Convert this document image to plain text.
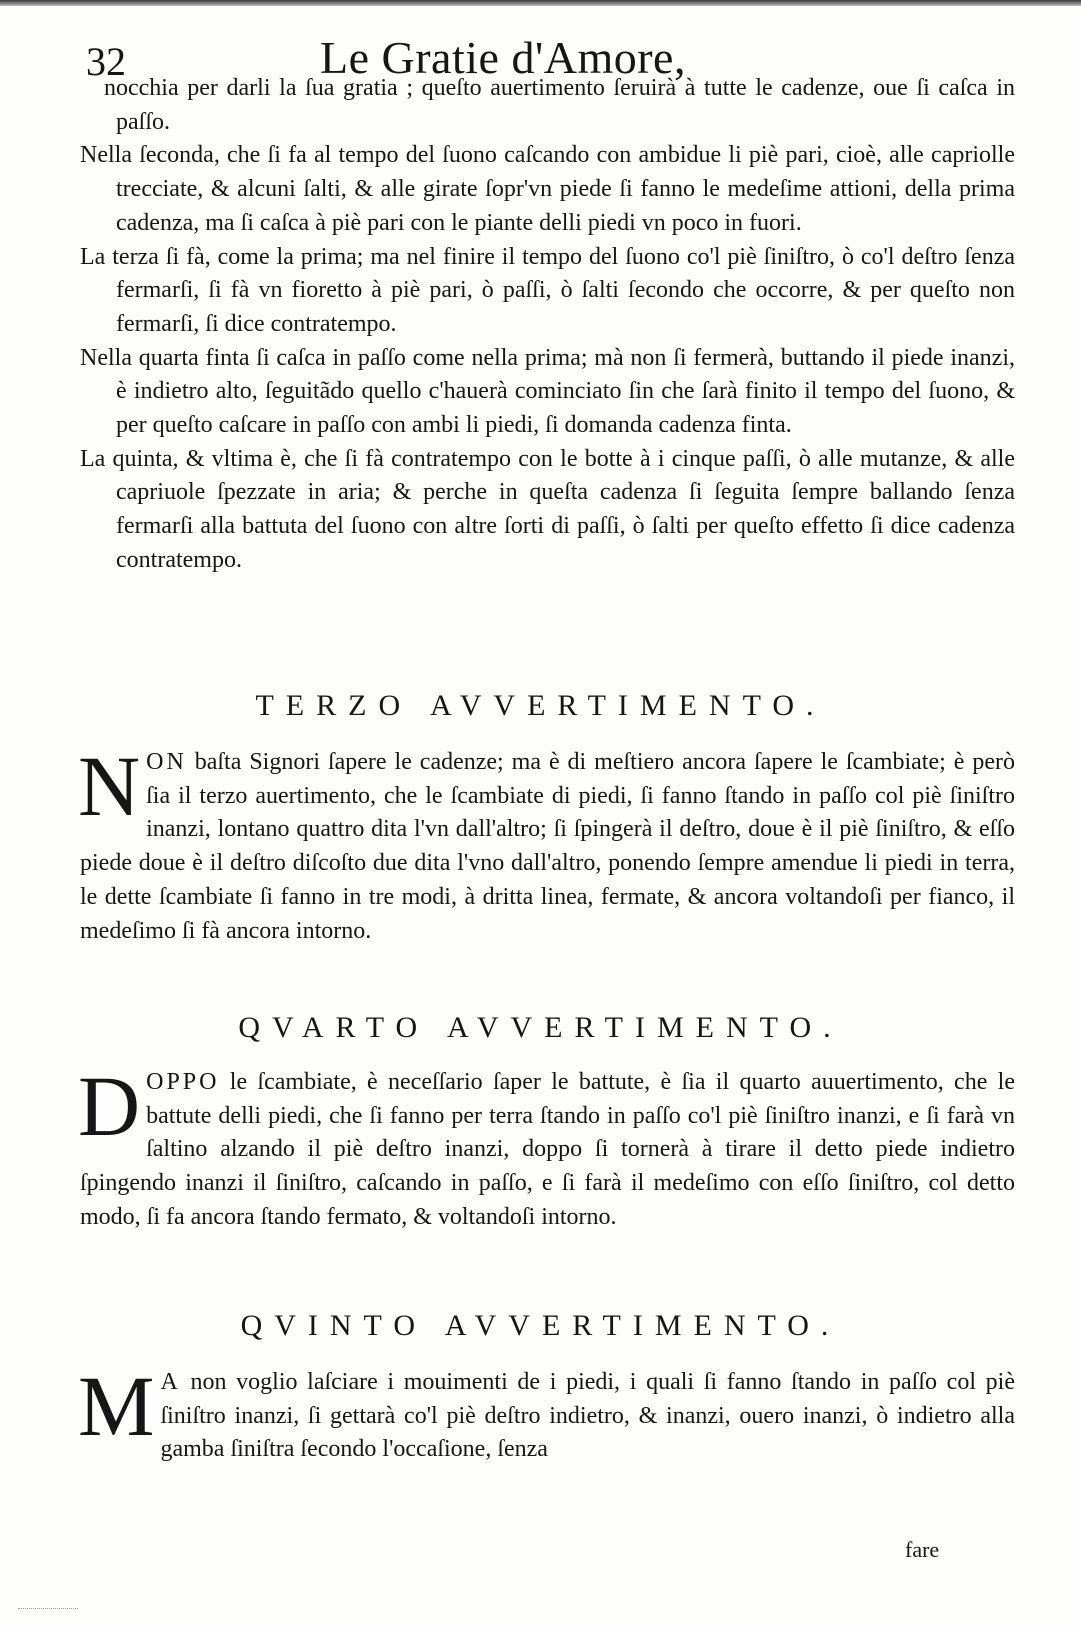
32	Le Gratie d'Amore,

nocchia per darli la ſua gratia ; queſto auertimento ſeruirà à tutte le cadenze, oue ſi caſca in paſſo.

Nella ſeconda, che ſi fa al tempo del ſuono caſcando con ambidue li piè pari, cioè, alle capriolle trecciate, & alcuni ſalti, & alle girate ſopr'vn piede ſi fanno le medeſime attioni, della prima cadenza, ma ſi caſca à piè pari con le piante delli piedi vn poco in fuori.

La terza ſi fà, come la prima; ma nel finire il tempo del ſuono co'l piè ſiniſtro, ò co'l deſtro ſenza fermarſi, ſi fà vn fioretto à piè pari, ò paſſi, ò ſalti ſecondo che occorre, & per queſto non fermarſi, ſi dice contratempo.

Nella quarta finta ſi caſca in paſſo come nella prima; mà non ſi fermerà, buttando il piede inanzi, è indietro alto, ſeguitãdo quello c'hauerà cominciato ſin che ſarà finito il tempo del ſuono, & per queſto caſcare in paſſo con ambi li piedi, ſi domanda cadenza finta.

La quinta, & vltima è, che ſi fà contratempo con le botte à i cinque paſſi, ò alle mutanze, & alle capriuole ſpezzate in aria; & perche in queſta cadenza ſi ſeguita ſempre ballando ſenza fermarſi alla battuta del ſuono con altre ſorti di paſſi, ò ſalti per queſto effetto ſi dice cadenza contratempo.

TERZO AVVERTIMENTO.
N ON baſta Signori ſapere le cadenze; ma è di meſtiero ancora ſapere le ſcambiate; è però ſia il terzo auertimento, che le ſcambiate di piedi, ſi fanno ſtando in paſſo col piè ſiniſtro inanzi, lontano quattro dita l'vn dall'altro; ſi ſpingerà il deſtro, doue è il piè ſiniſtro, & eſſo piede doue è il deſtro diſcoſto due dita l'vno dall'altro, ponendo ſempre amendue li piedi in terra, le dette ſcambiate ſi fanno in tre modi, à dritta linea, fermate, & ancora voltandoſi per fianco, il medeſimo ſi fà ancora intorno.

QVARTO AVVERTIMENTO.
D OPPO le ſcambiate, è neceſſario ſaper le battute, è ſia il quarto auuertimento, che le battute delli piedi, che ſi fanno per terra ſtando in paſſo co'l piè ſiniſtro inanzi, e ſi farà vn ſaltino alzando il piè deſtro inanzi, doppo ſi tornerà à tirare il detto piede indietro ſpingendo inanzi il ſiniſtro, caſcando in paſſo, e ſi farà il medeſimo con eſſo ſiniſtro, col detto modo, ſi fa ancora ſtando fermato, & voltandoſi intorno.

QVINTO AVVERTIMENTO.
M A non voglio laſciare i mouimenti de i piedi, i quali ſi fanno ſtando in paſſo col piè ſiniſtro inanzi, ſi gettarà co'l piè deſtro indietro, & inanzi, ouero inanzi, ò indietro alla gamba ſiniſtra ſecondo l'occaſione, ſenza

fare
